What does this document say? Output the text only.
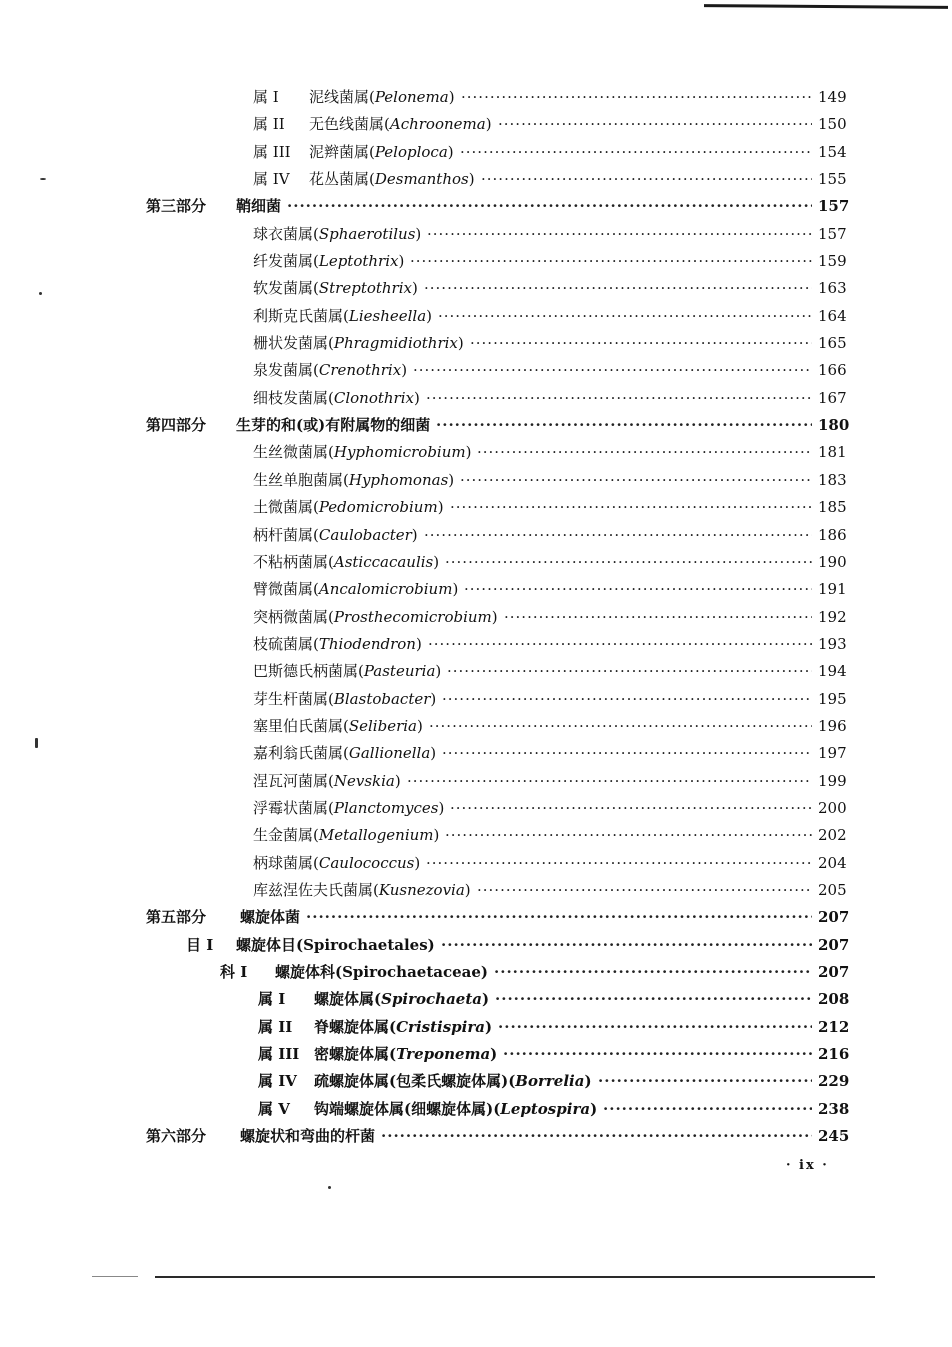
属 I 泥线菌属(Pelonema) ·····	149
属 II 无色线菌属(Achroonema) ·····	150
属 III 泥辫菌属(Peloploca) ·····	154
属 IV 花丛菌属(Desmanthos) ·····	155
第三部分 鞘细菌 ·····	157
球衣菌属(Sphaerotilus) ·····	157
纤发菌属(Leptothrix) ·····	159
软发菌属(Streptothrix) ·····	163
利斯克氏菌属(Liesheella) ·····	164
栅状发菌属(Phragmidiothrix) ·····	165
泉发菌属(Crenothrix) ·····	166
细枝发菌属(Clonothrix) ·····	167
第四部分 生芽的和(或)有附属物的细菌 ·····	180
生丝微菌属(Hyphomicrobium) ·····	181
生丝单胞菌属(Hyphomonas) ·····	183
土微菌属(Pedomicrobium) ·····	185
柄杆菌属(Caulobacter) ·····	186
不粘柄菌属(Asticcacaulis) ·····	190
臂微菌属(Ancalomicrobium) ·····	191
突柄微菌属(Prosthecomicrobium) ·····	192
枝硫菌属(Thiodendron) ·····	193
巴斯德氏柄菌属(Pasteuria) ·····	194
芽生杆菌属(Blastobacter) ·····	195
塞里伯氏菌属(Seliberia) ·····	196
嘉利翁氏菌属(Gallionella) ·····	197
涅瓦河菌属(Nevskia) ·····	199
浮霉状菌属(Planctomyces) ·····	200
生金菌属(Metallogenium) ·····	202
柄球菌属(Caulococcus) ·····	204
库兹涅佐夫氏菌属(Kusnezovia) ·····	205
第五部分 螺旋体菌 ·····	207
目 I 螺旋体目(Spirochaetales) ·····	207
科 I 螺旋体科(Spirochaetaceae) ·····	207
属 I 螺旋体属(Spirochaeta) ·····	208
属 II 脊螺旋体属(Cristispira) ·····	212
属 III 密螺旋体属(Treponema) ·····	216
属 IV 疏螺旋体属(包柔氏螺旋体属)(Borrelia) ·····	229
属 V 钩端螺旋体属(细螺旋体属)(Leptospira) ·····	238
第六部分 螺旋状和弯曲的杆菌 ·····	245
· ix ·
